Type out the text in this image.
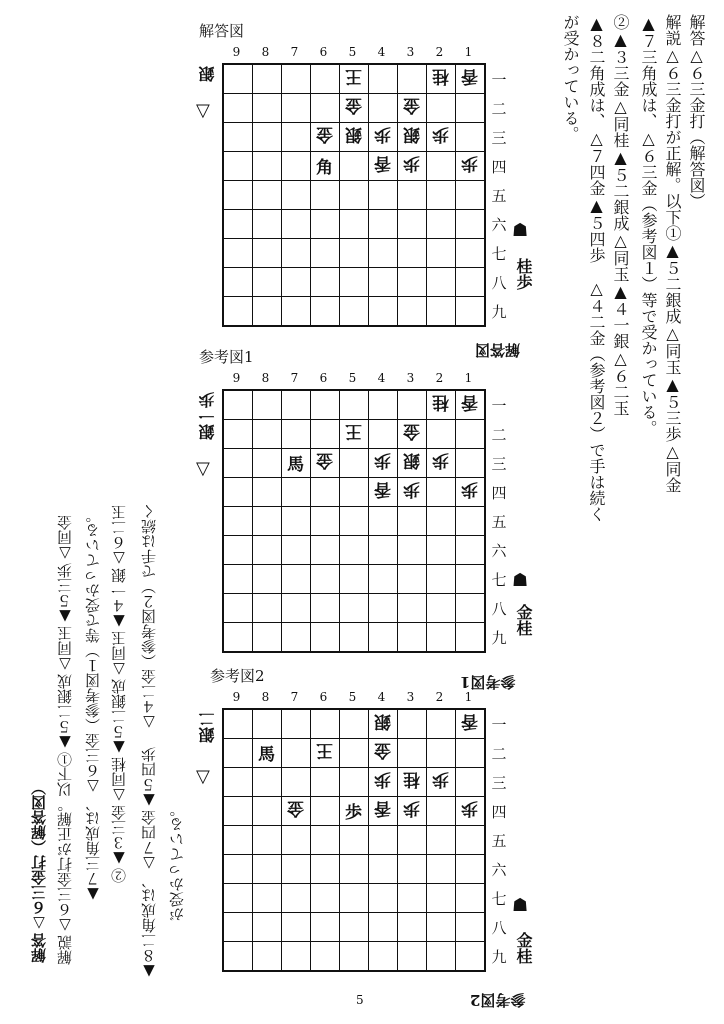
解答△６三金打（解答図）
解説△６三金打が正解。以下①▲５二銀成△同玉▲５三歩△同金
▲７三角成は、△６三金（参考図１）等で受かっている。
②▲３三金△同桂▲５二銀成△同玉▲４一銀△６二玉
▲８二角成は、△７四金▲５四歩　△４二金（参考図２）で手は続く
が受かっている。
解答図
9	8	7	6	5	4	3	2	1
一
二
三
四
五
六
七
八
九
王	桂 香
金	金
金 銀 歩 銀 歩
角	香 歩	歩
銀
▽
☗
桂歩
参考図1
9	8	7	6	5	4	3	2	1
一
二
三
四
五
六
七
八
九
桂 香
王	金
馬 金	歩 銀 歩
香 歩	歩
銀一歩
▽
☗
金桂
参考図2
9	8	7	6	5	4	3	2	1
一
二
三
四
五
六
七
八
九
銀	香
馬	王	金
歩 桂 歩
金	歩 香 歩	歩
銀二
▽
☗
金桂
解答図
参考図1
参考図2
▲８二角成は、△７四金▲５四歩　△４二金（参考図２）で手は続く が受かっている。
②▲３三金△同桂▲５二銀成△同玉▲４一銀△６二玉
▲７三角成は、△６三金（参考図１）等で受かっている。
解説△６三金打が正解。以下①▲５二銀成△同玉▲５三歩△同金
解答△６三金打（解答図）
5
